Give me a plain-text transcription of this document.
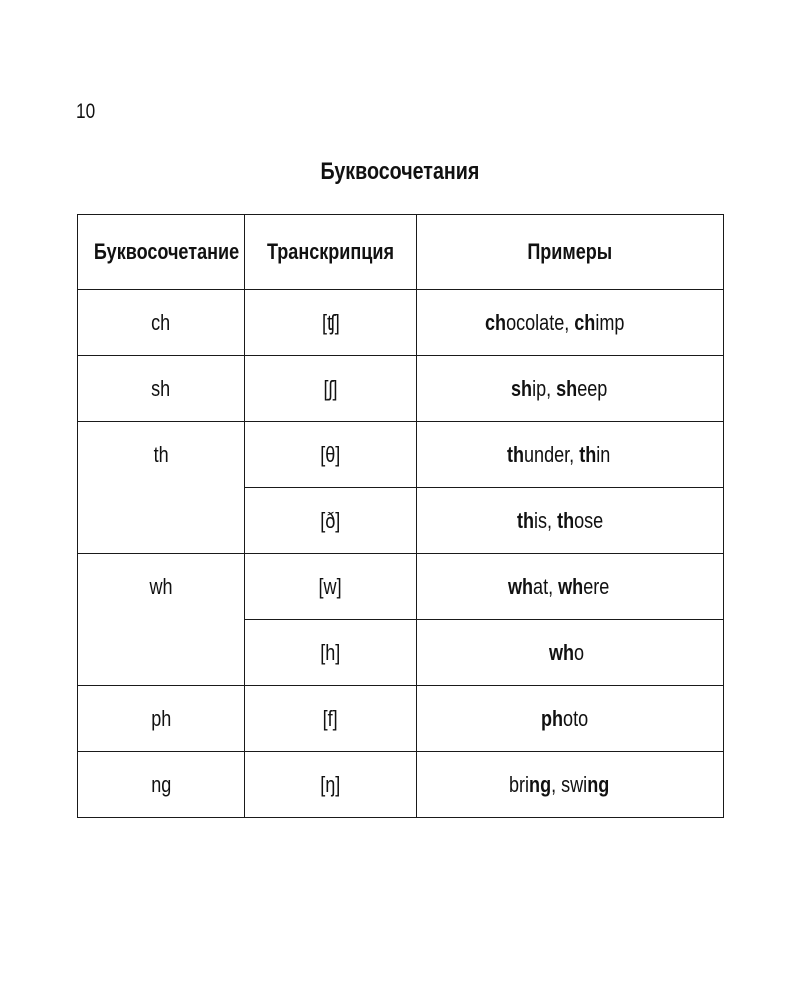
10
Буквосочетания
Буквосочетание	Транскрипция	Примеры
ch	[ʧ]	chocolate, chimp
sh	[ʃ]	ship, sheep
th	[θ]	thunder, thin
	[ð]	this, those
wh	[w]	what, where
	[h]	who
ph	[f]	photo
ng	[ŋ]	bring, swing
